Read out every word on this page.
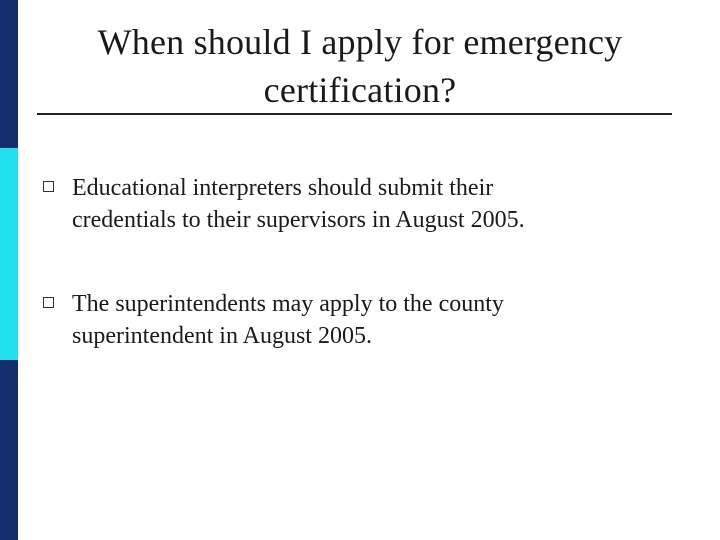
When should I apply for emergency
certification?
Educational interpreters should submit their
credentials to their supervisors in August 2005.
The superintendents may apply to the county
superintendent in August 2005.
